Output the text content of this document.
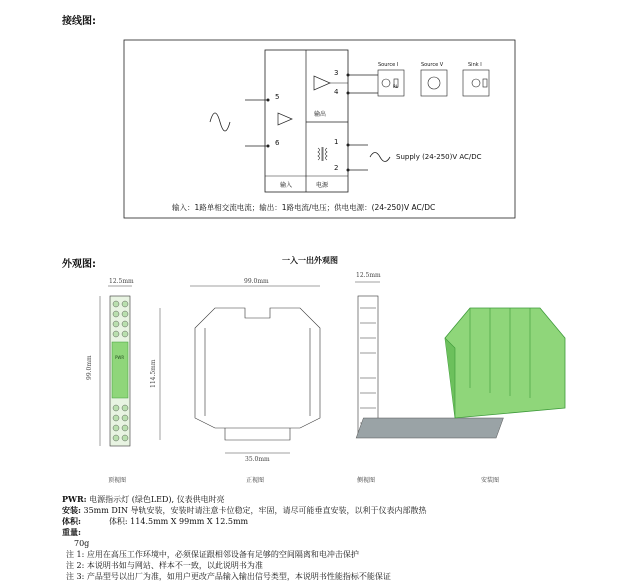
接线图:
5
6
3
4
1
2
输出
输入	电源
Source I	Source V	Sink I
RL
Supply (24-250)V AC/DC
输入：1路单相交流电流；输出：1路电流/电压；供电电源：(24-250)V AC/DC
外观图:	一入一出外观图
12.5mm	99.0mm
12.5mm
99.0mm	114.5mm
35.0mm
PWR
顶视图	正视图	侧视图	安装图
PWR: 电源指示灯 (绿色LED), 仪表供电时亮
安装: 35mm DIN 导轨安装，安装时请注意卡位稳定，牢固，请尽可能垂直安装，以利于仪表内部散热
体积:	体积: 114.5mm X 99mm X 12.5mm
重量:
70g
注 1: 应用在高压工作环境中，必须保证跟相邻设备有足够的空间隔离和电冲击保护
注 2: 本说明书如与网站、样本不一致，以此说明书为准
注 3: 产品型号以出厂为准，如用户更改产品输入输出信号类型，本说明书性能指标不能保证
